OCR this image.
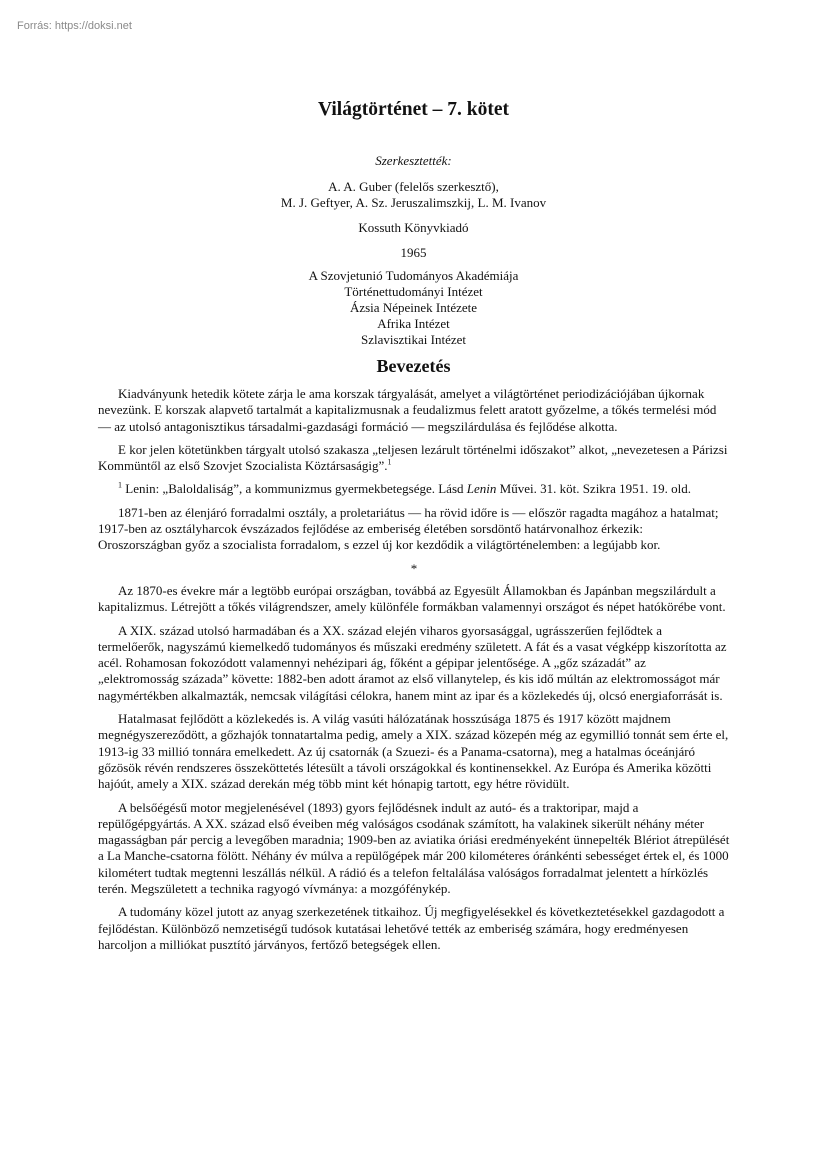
Forrás: https://doksi.net
Világtörténet – 7. kötet
Szerkesztették:
A. A. Guber (felelős szerkesztő),
M. J. Geftyer, A. Sz. Jeruszalimszkij, L. M. Ivanov
Kossuth Könyvkiadó
1965
A Szovjetunió Tudományos Akadémiája
Történettudományi Intézet
Ázsia Népeinek Intézete
Afrika Intézet
Szlavisztikai Intézet
Bevezetés

Kiadványunk hetedik kötete zárja le ama korszak tárgyalását, amelyet a világtörténet periodizációjában újkornak nevezünk. E korszak alapvető tartalmát a kapitalizmusnak a feudalizmus felett aratott győzelme, a tőkés termelési mód — az utolsó antagonisztikus társadalmi-gazdasági formáció — megszilárdulása és fejlődése alkotta.

E kor jelen kötetünkben tárgyalt utolsó szakasza „teljesen lezárult történelmi időszakot” alkot, „nevezetesen a Párizsi Kommüntől az első Szovjet Szocialista Köztársaságig”.$^1$

$^1$ Lenin: „Baloldaliság”, a kommunizmus gyermekbetegsége. Lásd Lenin Művei. 31. köt. Szikra 1951. 19. old.

1871-ben az élenjáró forradalmi osztály, a proletariátus — ha rövid időre is — először ragadta magához a hatalmat; 1917-ben az osztályharcok évszázados fejlődése az emberiség életében sorsdöntő határvonalhoz érkezik: Oroszországban győz a szocialista forradalom, s ezzel új kor kezdődik a világtörténelemben: a legújabb kor.

*

Az 1870-es évekre már a legtöbb európai országban, továbbá az Egyesült Államokban és Japánban megszilárdult a kapitalizmus. Létrejött a tőkés világrendszer, amely különféle formákban valamennyi országot és népet hatókörébe vont.

A XIX. század utolsó harmadában és a XX. század elején viharos gyorsasággal, ugrásszerűen fejlődtek a termelőerők, nagyszámú kiemelkedő tudományos és műszaki eredmény született. A fát és a vasat végképp kiszorította az acél. Rohamosan fokozódott valamennyi nehézipari ág, főként a gépipar jelentősége. A „gőz századát” az „elektromosság százada” követte: 1882-ben adott áramot az első villanytelep, és kis idő múltán az elektromosságot már nagymértékben alkalmazták, nemcsak világítási célokra, hanem mint az ipar és a közlekedés új, olcsó energiaforrását is.

Hatalmasat fejlődött a közlekedés is. A világ vasúti hálózatának hosszúsága 1875 és 1917 között majdnem megnégyszereződött, a gőzhajók tonnatartalma pedig, amely a XIX. század közepén még az egymillió tonnát sem érte el, 1913-ig 33 millió tonnára emelkedett. Az új csatornák (a Szuezi- és a Panama-csatorna), meg a hatalmas óceánjáró gőzösök révén rendszeres összeköttetés létesült a távoli országokkal és kontinensekkel. Az Európa és Amerika közötti hajóút, amely a XIX. század derekán még több mint két hónapig tartott, egy hétre rövidült.

A belsőégésű motor megjelenésével (1893) gyors fejlődésnek indult az autó- és a traktoripar, majd a repülőgépgyártás. A XX. század első éveiben még valóságos csodának számított, ha valakinek sikerült néhány méter magasságban pár percig a levegőben maradnia; 1909-ben az aviatika óriási eredményeként ünnepelték Blériot átrepülését a La Manche-csatorna fölött. Néhány év múlva a repülőgépek már 200 kilométeres óránkénti sebességet értek el, és 1000 kilométert tudtak megtenni leszállás nélkül. A rádió és a telefon feltalálása valóságos forradalmat jelentett a hírközlés terén. Megszületett a technika ragyogó vívmánya: a mozgófénykép.

A tudomány közel jutott az anyag szerkezetének titkaihoz. Új megfigyelésekkel és következtetésekkel gazdagodott a fejlődéstan. Különböző nemzetiségű tudósok kutatásai lehetővé tették az emberiség számára, hogy eredményesen harcoljon a milliókat pusztító járványos, fertőző betegségek ellen.
